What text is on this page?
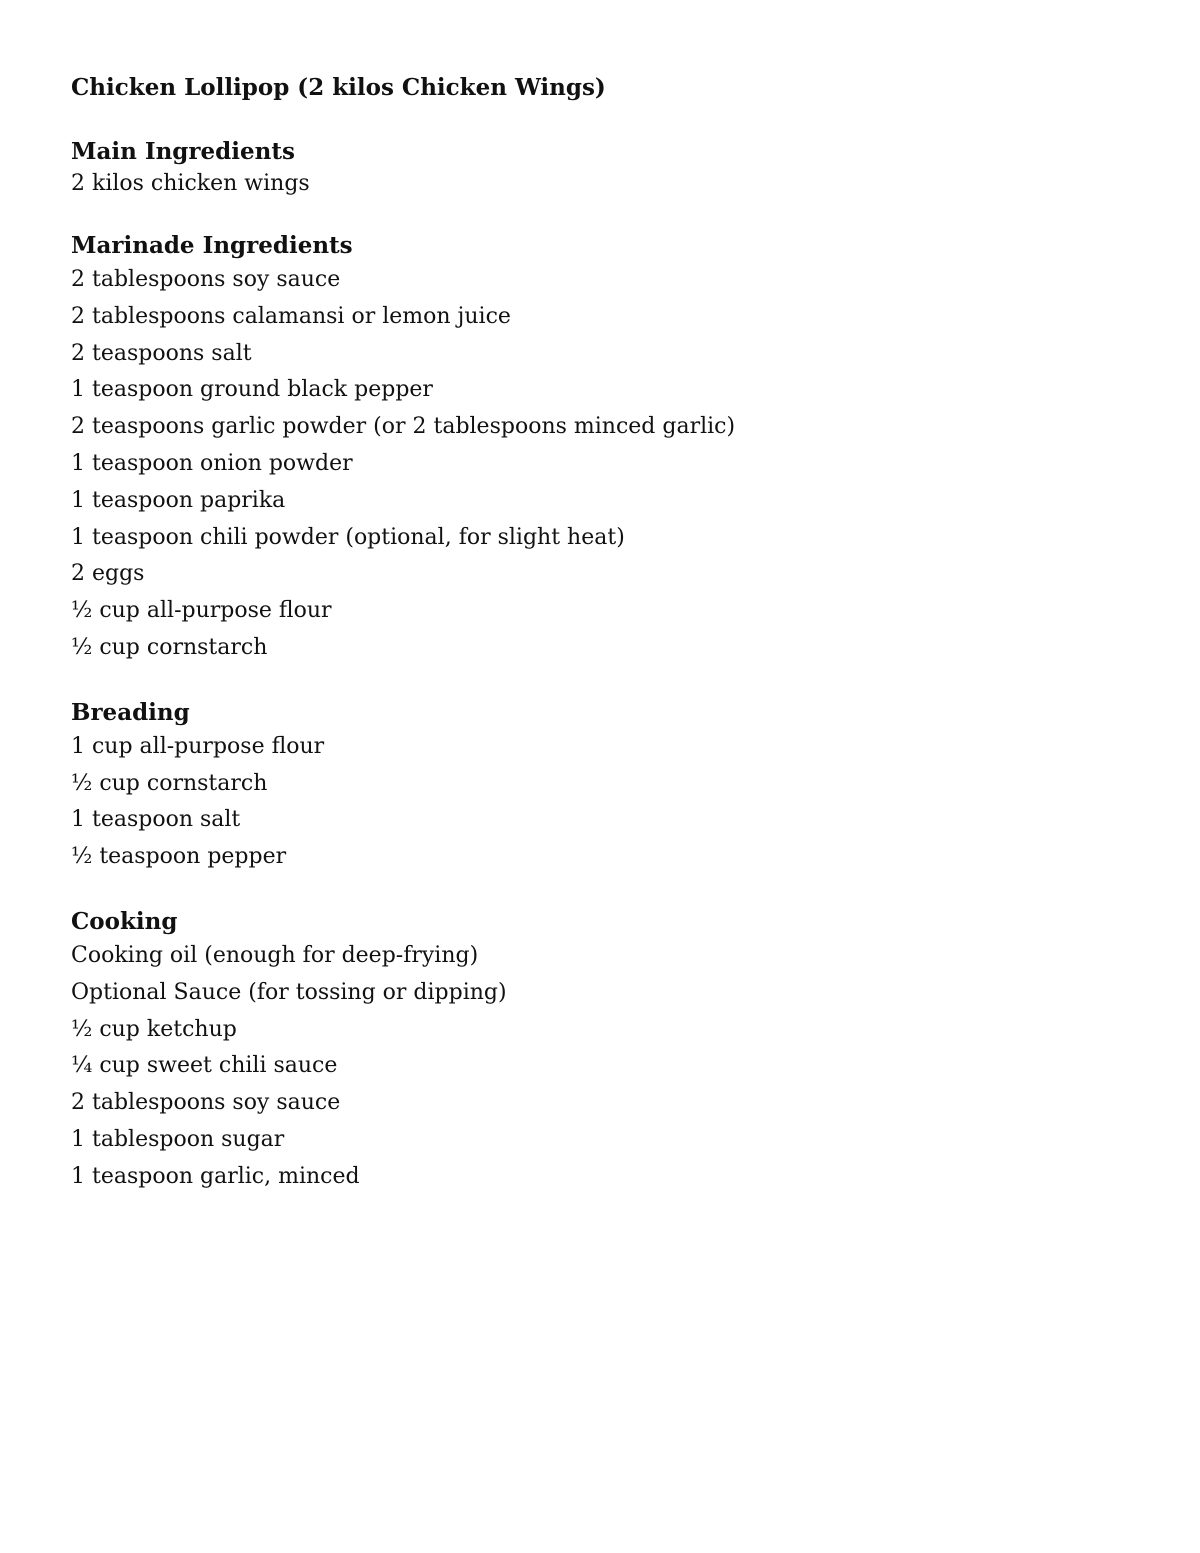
Chicken Lollipop (2 kilos Chicken Wings)
Main Ingredients
2 kilos chicken wings
Marinade Ingredients
2 tablespoons soy sauce
2 tablespoons calamansi or lemon juice
2 teaspoons salt
1 teaspoon ground black pepper
2 teaspoons garlic powder (or 2 tablespoons minced garlic)
1 teaspoon onion powder
1 teaspoon paprika
1 teaspoon chili powder (optional, for slight heat)
2 eggs
½ cup all-purpose flour
½ cup cornstarch
Breading
1 cup all-purpose flour
½ cup cornstarch
1 teaspoon salt
½ teaspoon pepper
Cooking
Cooking oil (enough for deep-frying)
Optional Sauce (for tossing or dipping)
½ cup ketchup
¼ cup sweet chili sauce
2 tablespoons soy sauce
1 tablespoon sugar
1 teaspoon garlic, minced
